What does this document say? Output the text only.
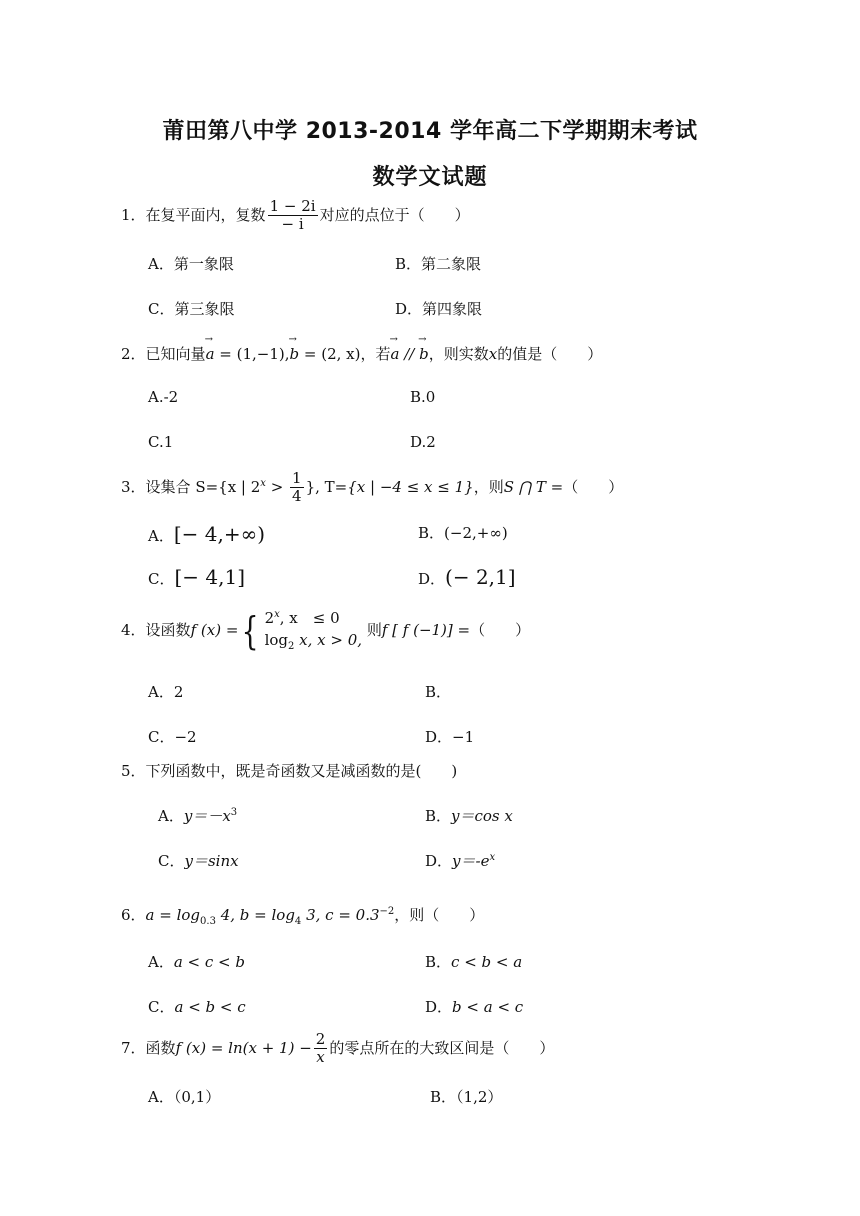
莆田第八中学 2013-2014 学年高二下学期期末考试
数学文试题
1．在复平面内，复数 $\frac{1 - 2i}{- i}$ 对应的点位于（　　）
A．第一象限	B．第二象限
C．第三象限	D．第四象限
2．已知向量→ a = (1,−1),→ b = (2, x)，若→ a // → b，则实数x的值是（　　）
A.-2	B.0
C.1	D.2
3．设集合 S={x | $2^x > \frac{1}{4}$ }, T={x | −4 ≤ x ≤ 1}，则S ⋂ T =（　　）
A．[− 4,+∞)	B．(−2,+∞)
C．[− 4,1]	D．(− 2,1]
4．设函数f (x) ={ 2$^x$, x　≤ 0
$\log_2 x$, x > 0,
则f [ f (−1)] =（　　）
A．2	B．
C．−2	D．−1
5．下列函数中，既是奇函数又是减函数的是(　　)
A．$y=-x^3$	B．y＝cos x
C．y＝sinx	D．$y=-e^x$
6．$a = \log_{0.3} 4$, $b = \log_4 3$, $c = 0.3^{-2}$，则（　　）
A．a < c < b	B．c < b < a
C．a < b < c	D．b < a < c
7．函数f $(x) = \ln(x + 1) - \frac{2}{x}$ 的零点所在的大致区间是（　　）
A．（0,1）	B．（1,2）
